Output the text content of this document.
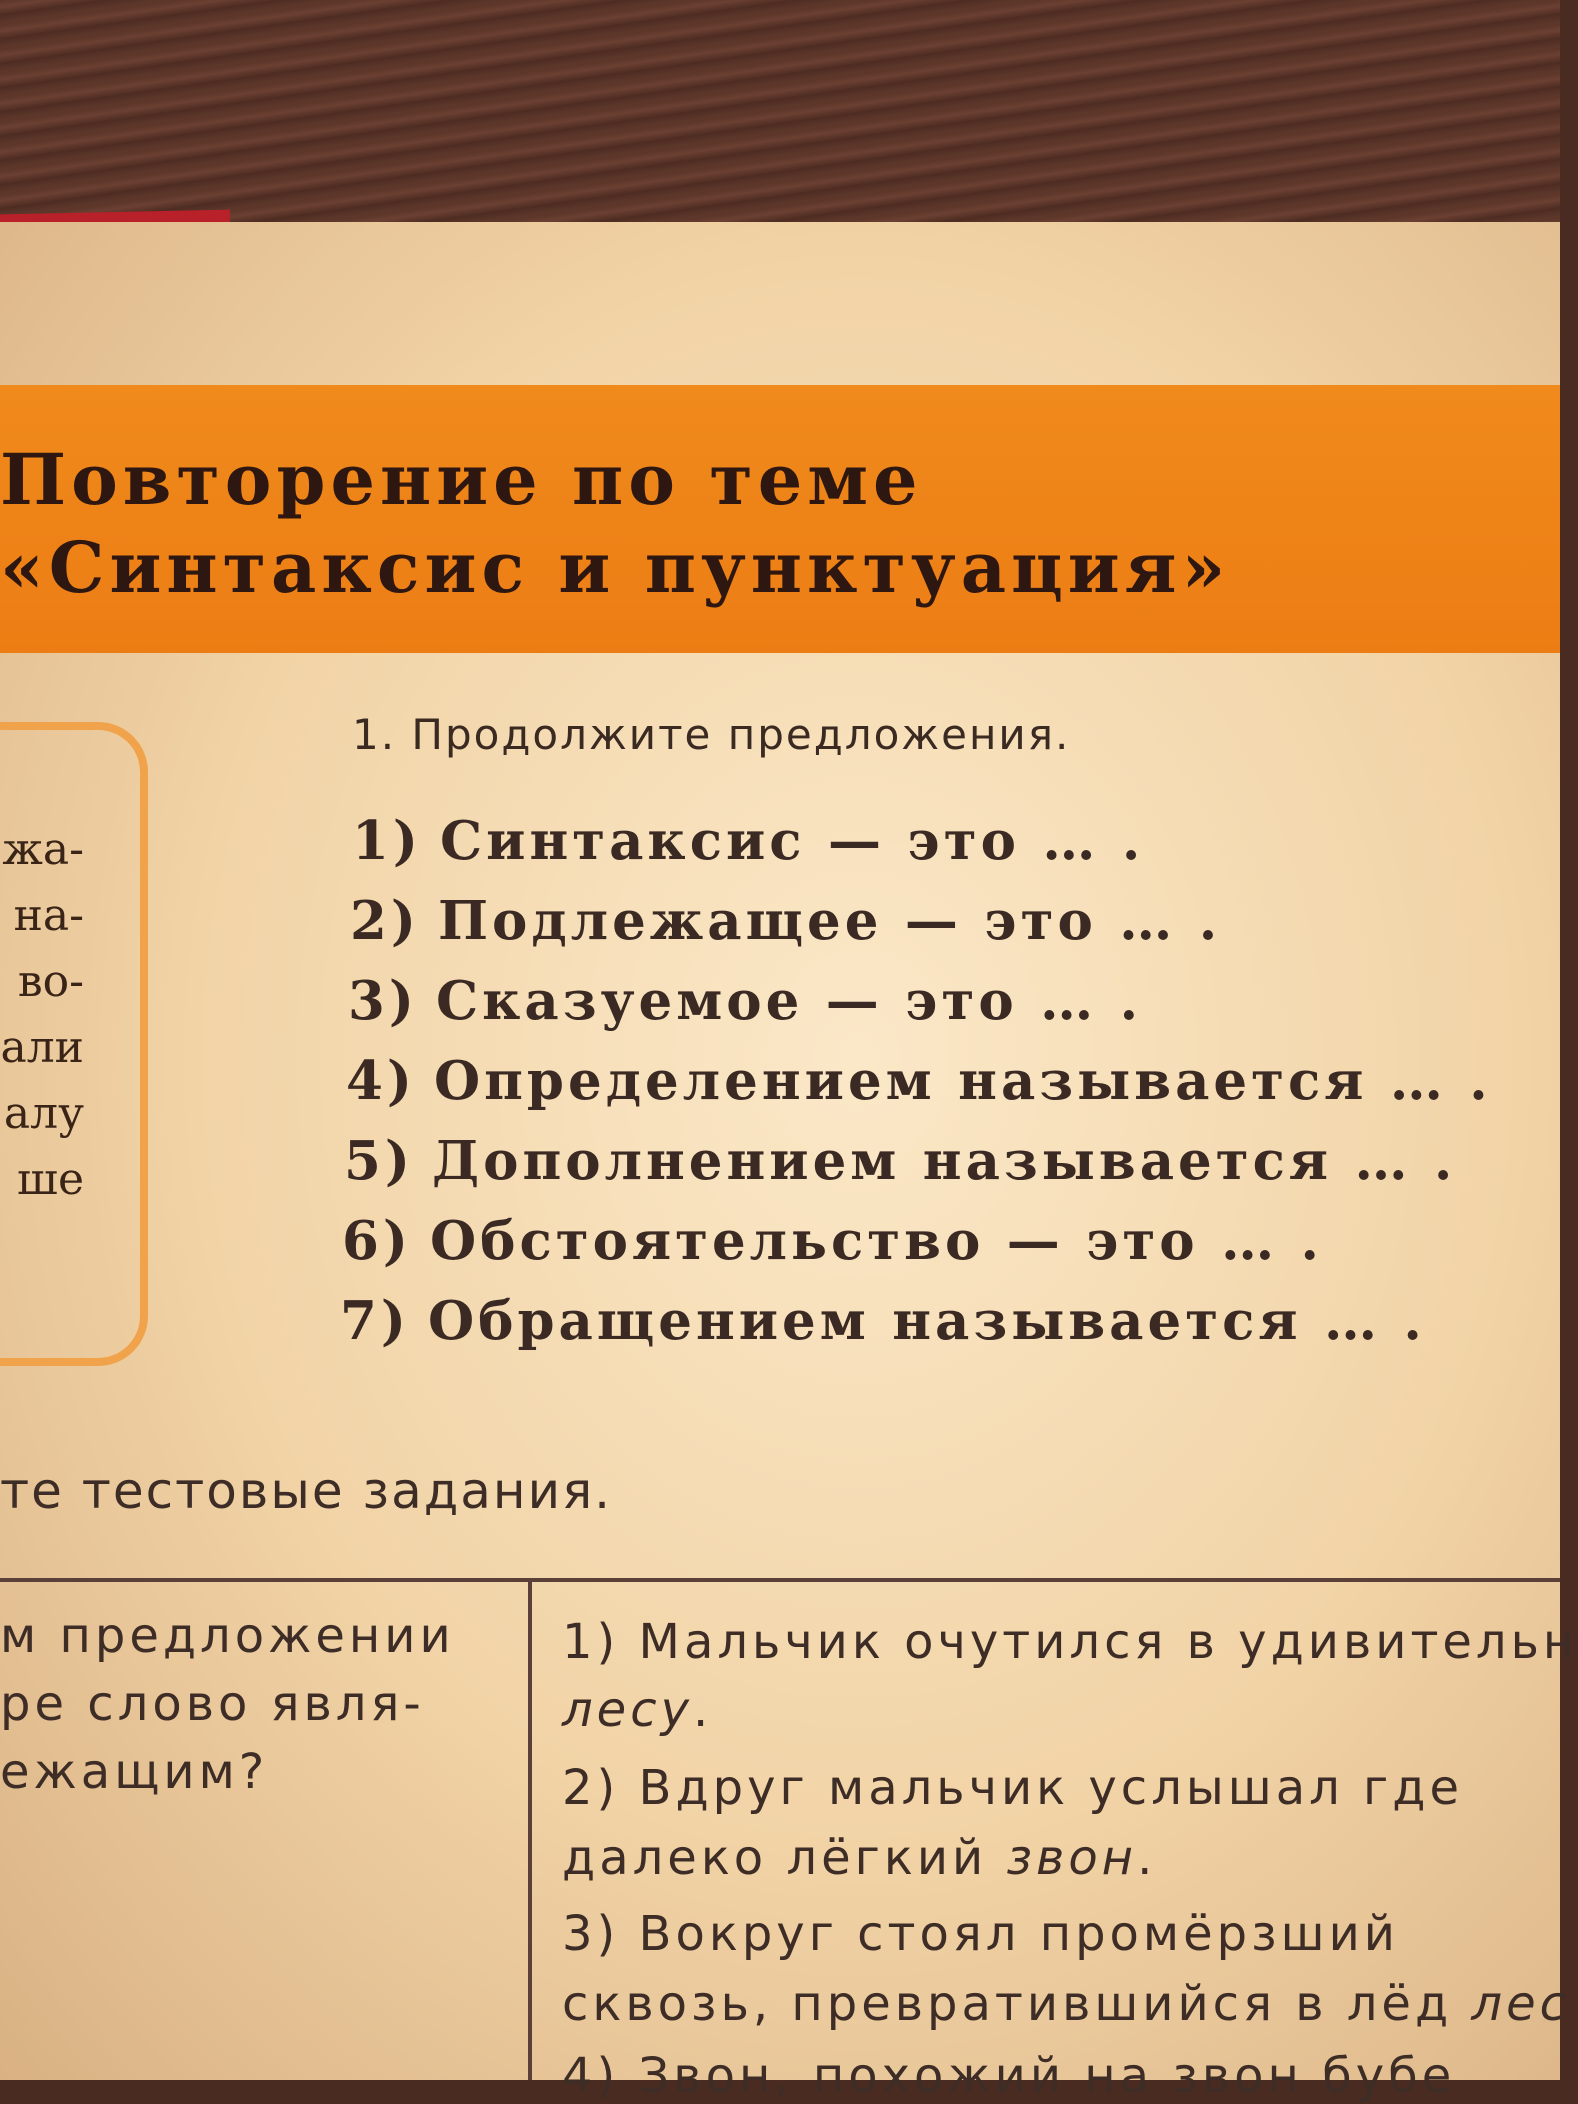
Повторение по теме
«Синтаксис и пунктуация»

жа-

на-

во-

али

алу

ше

1. Продолжите предложения.

1) Синтаксис — это … .
2) Подлежащее — это … .
3) Сказуемое — это … .
4) Определением называется … .
5) Дополнением называется … .
6) Обстоятельство — это … .
7) Обращением называется … .

те тестовые задания.

м предложении

ре слово явля-

ежащим?

1) Мальчик очутился в удивительн

лесу.

2) Вдруг мальчик услышал где

далеко лёгкий звон.

3) Вокруг стоял промёрзший

сквозь, превратившийся в лёд лес

4) Звон, похожий на звон бубе
